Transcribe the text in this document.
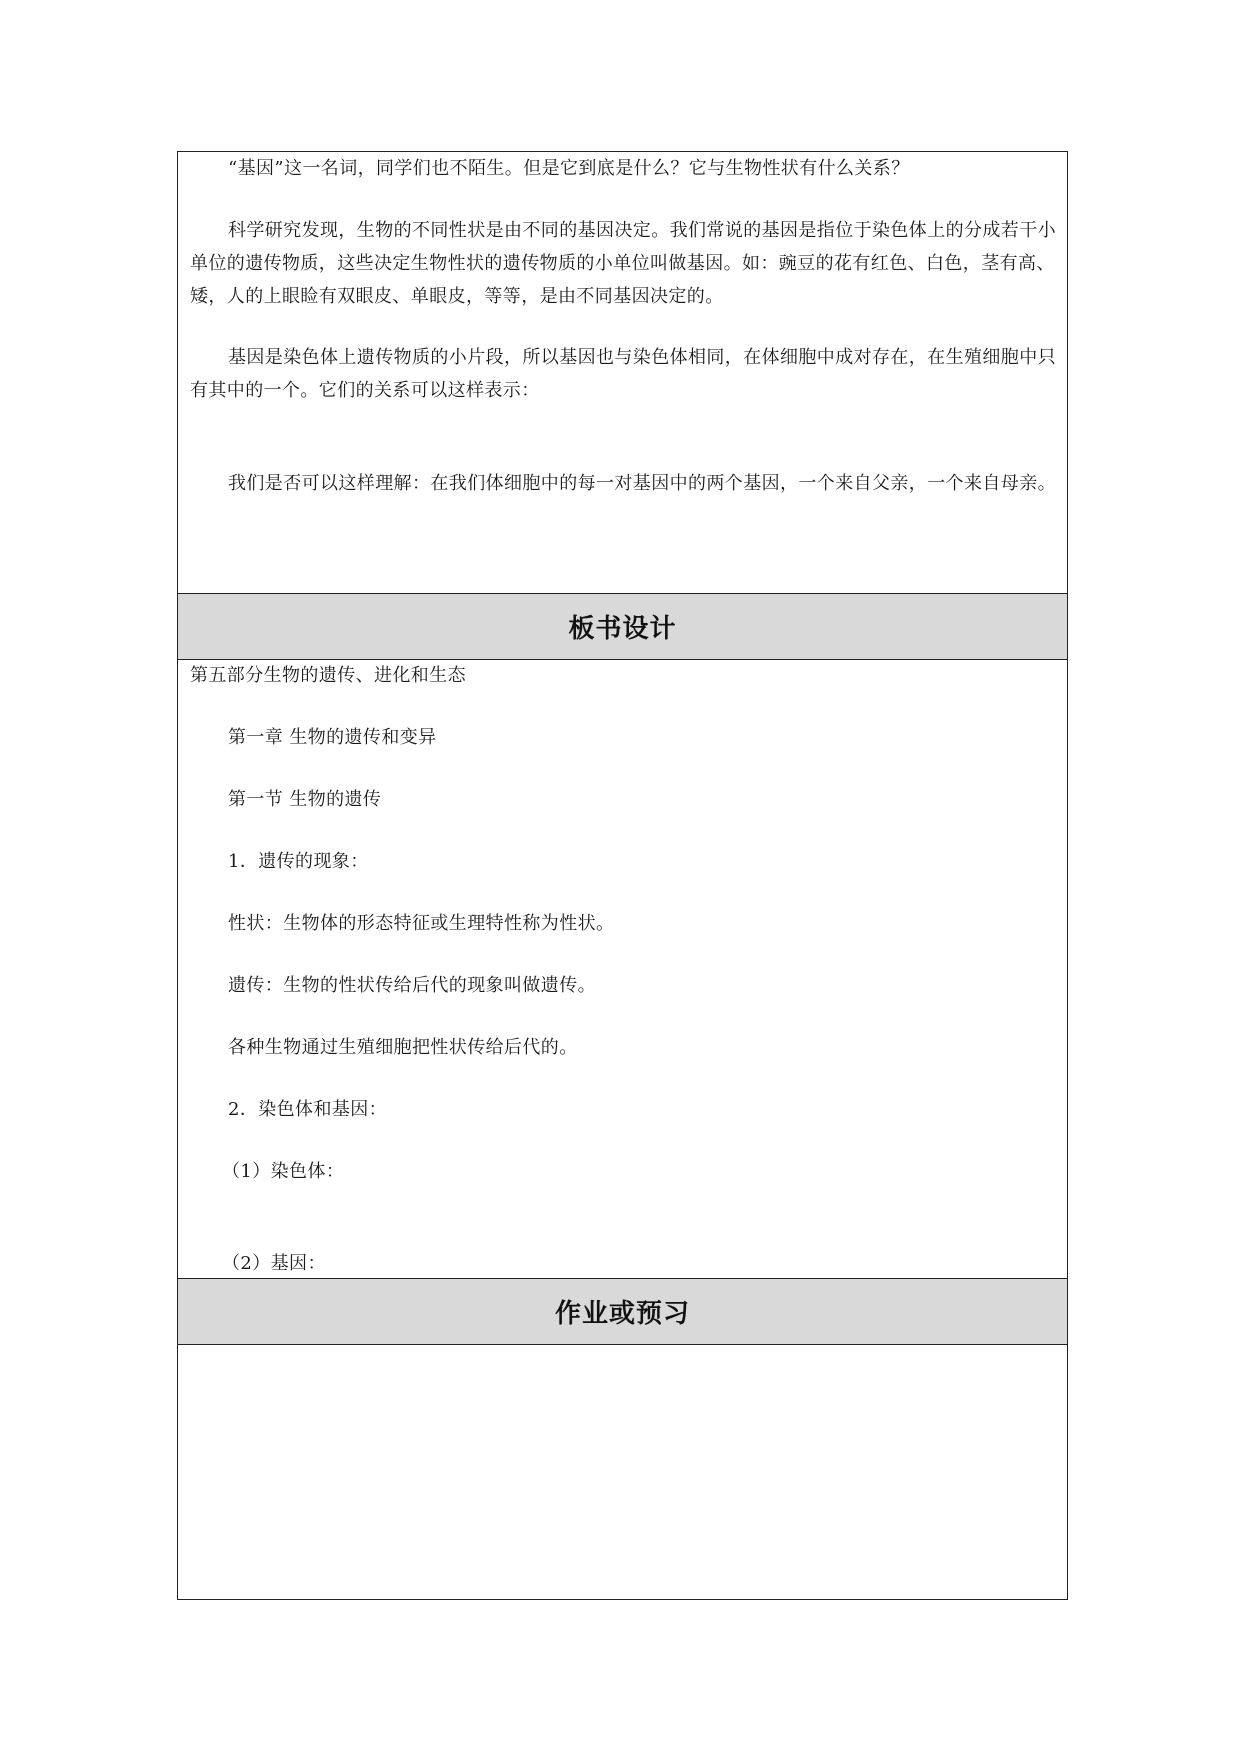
“基因”这一名词，同学们也不陌生。但是它到底是什么？它与生物性状有什么关系？

科学研究发现，生物的不同性状是由不同的基因决定。我们常说的基因是指位于染色体上的分成若干小单位的遗传物质，这些决定生物性状的遗传物质的小单位叫做基因。如：豌豆的花有红色、白色，茎有高、矮，人的上眼睑有双眼皮、单眼皮，等等，是由不同基因决定的。

基因是染色体上遗传物质的小片段，所以基因也与染色体相同，在体细胞中成对存在，在生殖细胞中只有其中的一个。它们的关系可以这样表示：

我们是否可以这样理解：在我们体细胞中的每一对基因中的两个基因，一个来自父亲，一个来自母亲。

板书设计
第五部分生物的遗传、进化和生态
第一章 生物的遗传和变异
第一节 生物的遗传
1．遗传的现象：
性状：生物体的形态特征或生理特性称为性状。
遗传：生物的性状传给后代的现象叫做遗传。
各种生物通过生殖细胞把性状传给后代的。
2．染色体和基因：
（1）染色体：
（2）基因：
作业或预习
